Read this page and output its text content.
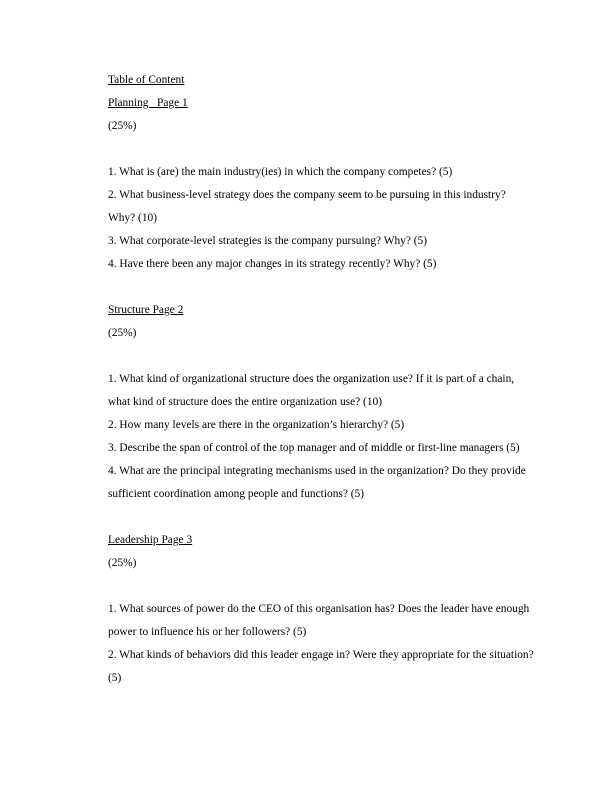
Table of Content

Planning   Page 1

(25%)

1. What is (are) the main industry(ies) in which the company competes? (5)

2. What business-level strategy does the company seem to be pursuing in this industry? Why? (10)

3. What corporate-level strategies is the company pursuing? Why? (5)

4. Have there been any major changes in its strategy recently? Why? (5)

Structure Page 2

(25%)

1. What kind of organizational structure does the organization use? If it is part of a chain, what kind of structure does the entire organization use? (10)

2. How many levels are there in the organization’s hierarchy? (5)

3. Describe the span of control of the top manager and of middle or first-line managers (5)

4. What are the principal integrating mechanisms used in the organization? Do they provide sufficient coordination among people and functions? (5)

Leadership Page 3

(25%)

1. What sources of power do the CEO of this organisation has? Does the leader have enough power to influence his or her followers? (5)

2. What kinds of behaviors did this leader engage in? Were they appropriate for the situation? (5)
